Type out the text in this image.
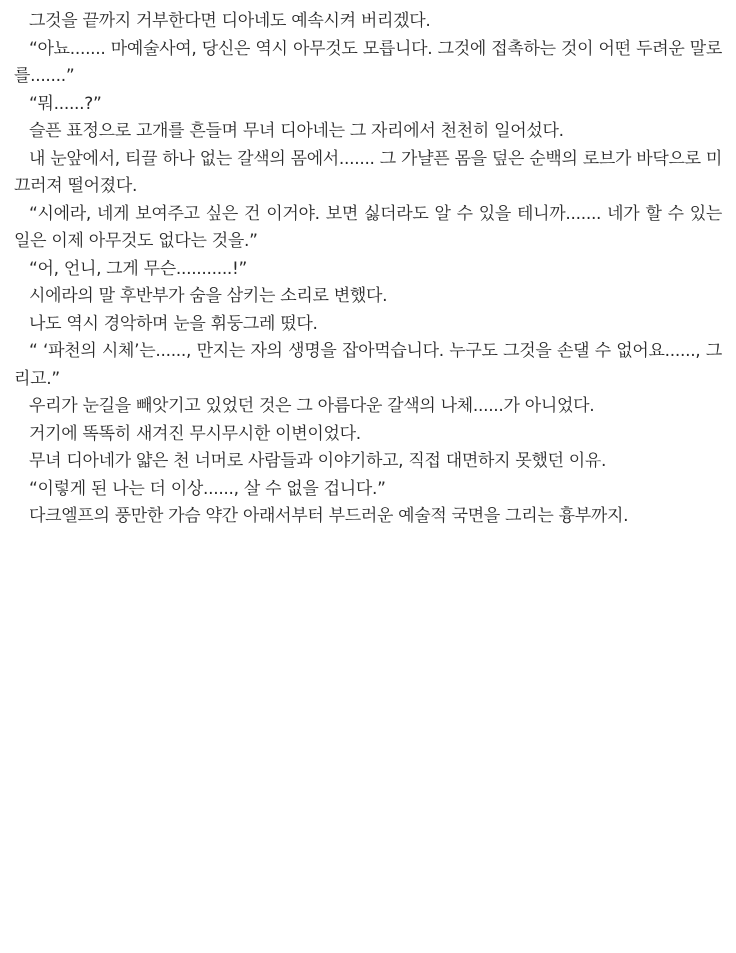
그것을 끝까지 거부한다면 디아네도 예속시켜 버리겠다.

“아뇨....... 마예술사여, 당신은 역시 아무것도 모릅니다. 그것에 접촉하는 것이 어떤 두려운 말로를.......”

“뭐......?”

슬픈 표정으로 고개를 흔들며 무녀 디아네는 그 자리에서 천천히 일어섰다.

내 눈앞에서, 티끌 하나 없는 갈색의 몸에서....... 그 가냘픈 몸을 덮은 순백의 로브가 바닥으로 미끄러져 떨어졌다.

“시에라, 네게 보여주고 싶은 건 이거야. 보면 싫더라도 알 수 있을 테니까....... 네가 할 수 있는 일은 이제 아무것도 없다는 것을.”

“어, 언니, 그게 무슨...........!”

시에라의 말 후반부가 숨을 삼키는 소리로 변했다.

나도 역시 경악하며 눈을 휘둥그레 떴다.

“ ‘파천의 시체’는......, 만지는 자의 생명을 잡아먹습니다. 누구도 그것을 손댈 수 없어요......, 그리고.”

우리가 눈길을 빼앗기고 있었던 것은 그 아름다운 갈색의 나체......가 아니었다.

거기에 똑똑히 새겨진 무시무시한 이변이었다.

무녀 디아네가 얇은 천 너머로 사람들과 이야기하고, 직접 대면하지 못했던 이유.

“이렇게 된 나는 더 이상......, 살 수 없을 겁니다.”

다크엘프의 풍만한 가슴 약간 아래서부터 부드러운 예술적 국면을 그리는 흉부까지.
